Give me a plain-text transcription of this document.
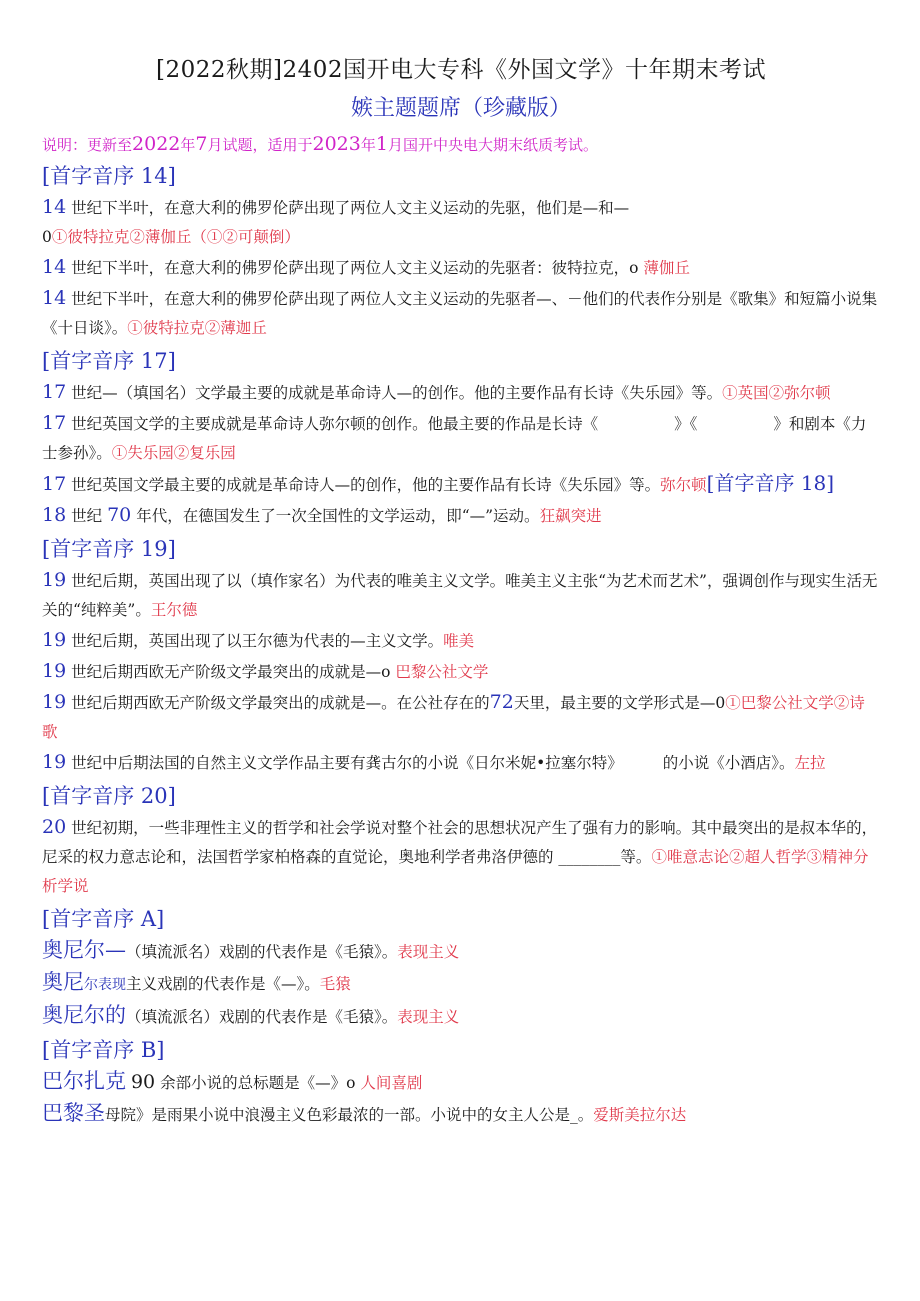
[2022秋期]2402国开电大专科《外国文学》十年期末考试
嫉主题题席（珍藏版）

说明：更新至2022年7月试题，适用于2023年1月国开中央电大期末纸质考试。

[首字音序 14]

14 世纪下半叶，在意大利的佛罗伦萨出现了两位人文主义运动的先驱，他们是—和—0①彼特拉克②薄伽丘（①②可颠倒）

14 世纪下半叶，在意大利的佛罗伦萨出现了两位人文主义运动的先驱者：彼特拉克，o 薄伽丘

14 世纪下半叶，在意大利的佛罗伦萨出现了两位人文主义运动的先驱者—、－他们的代表作分别是《歌集》和短篇小说集《十日谈》。①彼特拉克②薄迦丘

[首字音序 17]

17 世纪—（填国名）文学最主要的成就是革命诗人—的创作。他的主要作品有长诗《失乐园》等。①英国②弥尔顿

17 世纪英国文学的主要成就是革命诗人弥尔顿的创作。他最主要的作品是长诗《	》《	》和剧本《力士参孙》。①失乐园②复乐园

17 世纪英国文学最主要的成就是革命诗人—的创作，他的主要作品有长诗《失乐园》等。弥尔顿[首字音序 18]

18 世纪 70 年代，在德国发生了一次全国性的文学运动，即“—”运动。狂飙突进

[首字音序 19]

19 世纪后期，英国出现了以（填作家名）为代表的唯美主义文学。唯美主义主张“为艺术而艺术”，强调创作与现实生活无关的“纯粹美”。王尔德

19 世纪后期，英国出现了以王尔德为代表的—主义文学。唯美

19 世纪后期西欧无产阶级文学最突出的成就是—o 巴黎公社文学

19 世纪后期西欧无产阶级文学最突出的成就是—。在公社存在的72天里，最主要的文学形式是—0①巴黎公社文学②诗歌

19 世纪中后期法国的自然主义文学作品主要有龚古尔的小说《日尔米妮•拉塞尔特》	的小说《小酒店》。左拉

[首字音序 20]

20 世纪初期，一些非理性主义的哲学和社会学说对整个社会的思想状况产生了强有力的影响。其中最突出的是叔本华的，尼采的权力意志论和，法国哲学家柏格森的直觉论，奥地利学者弗洛伊德的 ________等。①唯意志论②超人哲学③精神分析学说

[首字音序 A]

奥尼尔—（填流派名）戏剧的代表作是《毛猿》。表现主义

奥尼尔表现主义戏剧的代表作是《—》。毛猿

奥尼尔的（填流派名）戏剧的代表作是《毛猿》。表现主义

[首字音序 B]

巴尔扎克 90 余部小说的总标题是《—》o 人间喜剧

巴黎圣母院》是雨果小说中浪漫主义色彩最浓的一部。小说中的女主人公是_。爱斯美拉尔达
